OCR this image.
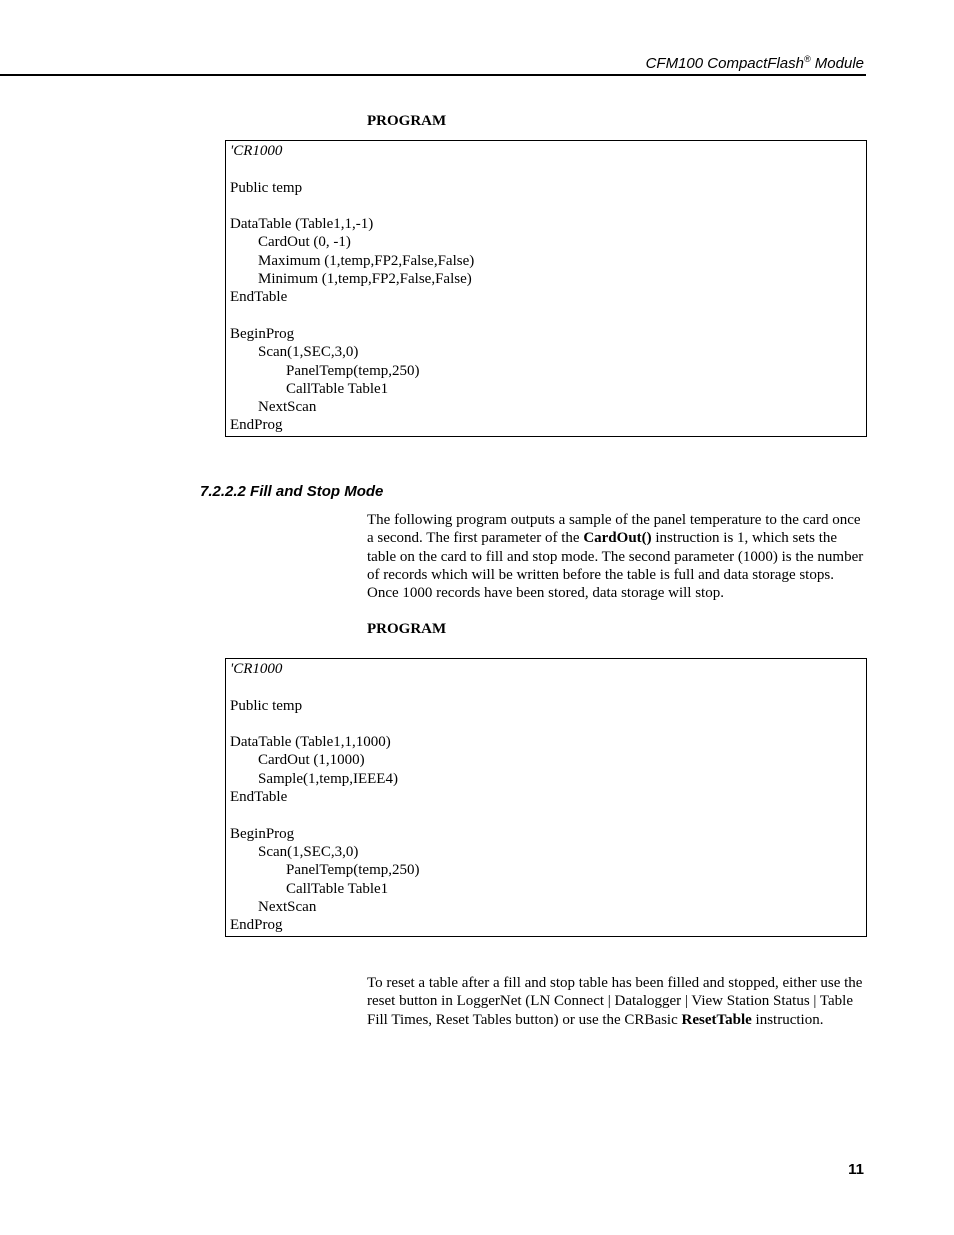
CFM100 CompactFlash® Module
PROGRAM
'CR1000
Public temp
DataTable (Table1,1,-1)
CardOut (0, -1)
Maximum (1,temp,FP2,False,False)
Minimum (1,temp,FP2,False,False)
EndTable
BeginProg
Scan(1,SEC,3,0)
PanelTemp(temp,250)
CallTable Table1
NextScan
EndProg
7.2.2.2 Fill and Stop Mode
The following program outputs a sample of the panel temperature to the card once a second. The first parameter of the CardOut() instruction is 1, which sets the table on the card to fill and stop mode. The second parameter (1000) is the number of records which will be written before the table is full and data storage stops. Once 1000 records have been stored, data storage will stop.
PROGRAM
'CR1000
Public temp
DataTable (Table1,1,1000)
CardOut (1,1000)
Sample(1,temp,IEEE4)
EndTable
BeginProg
Scan(1,SEC,3,0)
PanelTemp(temp,250)
CallTable Table1
NextScan
EndProg
To reset a table after a fill and stop table has been filled and stopped, either use the reset button in LoggerNet (LN Connect | Datalogger | View Station Status | Table Fill Times, Reset Tables button) or use the CRBasic ResetTable instruction.
11
